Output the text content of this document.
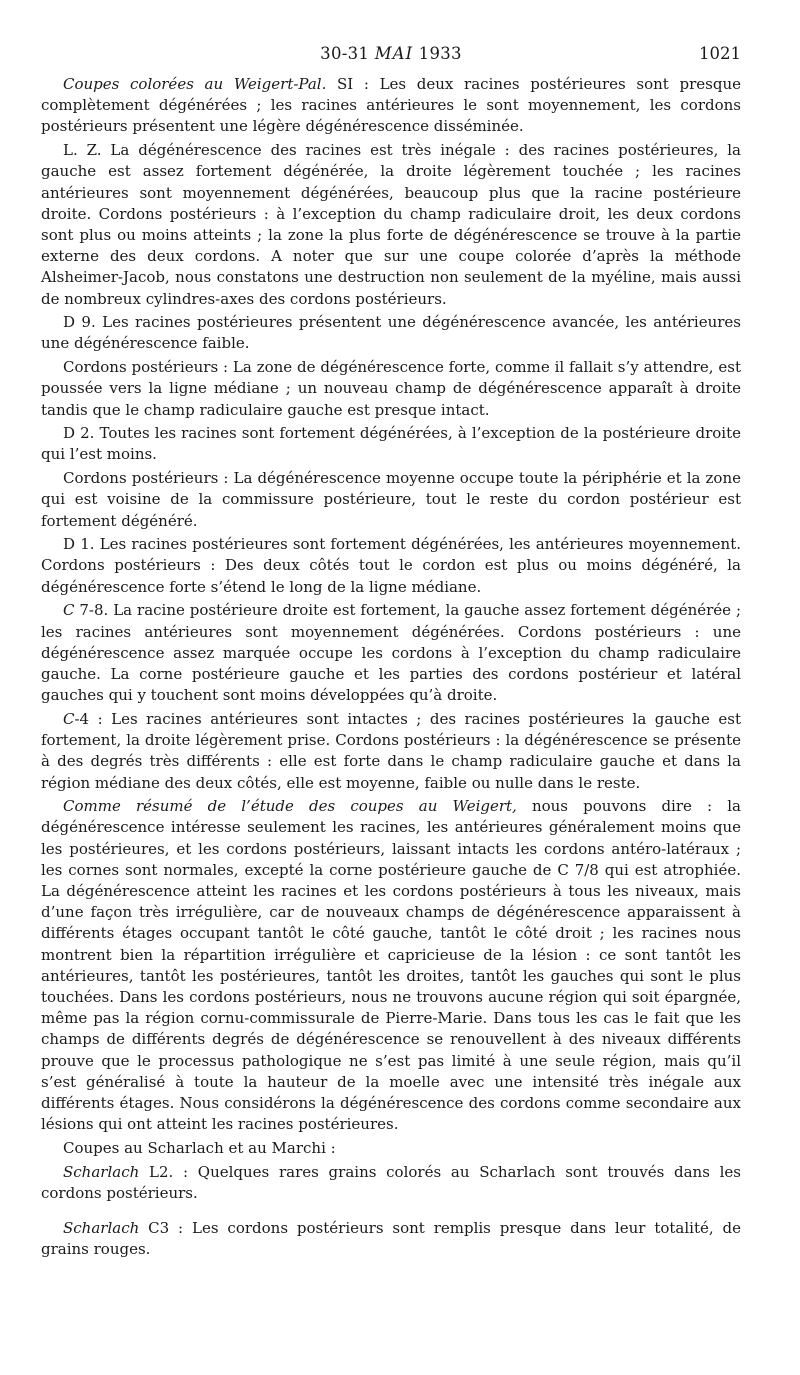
30-31 MAI 1933	1021

Coupes colorées au Weigert-Pal. SI : Les deux racines postérieures sont presque complètement dégénérées ; les racines antérieures le sont moyennement, les cordons postérieurs présentent une légère dégénérescence disséminée.

L. Z. La dégénérescence des racines est très inégale : des racines postérieures, la gauche est assez fortement dégénérée, la droite légèrement touchée ; les racines antérieures sont moyennement dégénérées, beaucoup plus que la racine postérieure droite. Cordons postérieurs : à l’exception du champ radiculaire droit, les deux cordons sont plus ou moins atteints ; la zone la plus forte de dégénérescence se trouve à la partie externe des deux cordons. A noter que sur une coupe colorée d’après la méthode Alsheimer-Jacob, nous constatons une destruction non seulement de la myéline, mais aussi de nombreux cylindres-axes des cordons postérieurs.

D 9. Les racines postérieures présentent une dégénérescence avancée, les antérieures une dégénérescence faible.

Cordons postérieurs : La zone de dégénérescence forte, comme il fallait s’y attendre, est poussée vers la ligne médiane ; un nouveau champ de dégénérescence apparaît à droite tandis que le champ radiculaire gauche est presque intact.

D 2. Toutes les racines sont fortement dégénérées, à l’exception de la postérieure droite qui l’est moins.

Cordons postérieurs : La dégénérescence moyenne occupe toute la périphérie et la zone qui est voisine de la commissure postérieure, tout le reste du cordon postérieur est fortement dégénéré.

D 1. Les racines postérieures sont fortement dégénérées, les antérieures moyennement. Cordons postérieurs : Des deux côtés tout le cordon est plus ou moins dégénéré, la dégénérescence forte s’étend le long de la ligne médiane.

C 7-8. La racine postérieure droite est fortement, la gauche assez fortement dégénérée ; les racines antérieures sont moyennement dégénérées. Cordons postérieurs : une dégénérescence assez marquée occupe les cordons à l’exception du champ radiculaire gauche. La corne postérieure gauche et les parties des cordons postérieur et latéral gauches qui y touchent sont moins développées qu’à droite.

C-4 : Les racines antérieures sont intactes ; des racines postérieures la gauche est fortement, la droite légèrement prise. Cordons postérieurs : la dégénérescence se présente à des degrés très différents : elle est forte dans le champ radiculaire gauche et dans la région médiane des deux côtés, elle est moyenne, faible ou nulle dans le reste.

Comme résumé de l’étude des coupes au Weigert, nous pouvons dire : la dégénérescence intéresse seulement les racines, les antérieures généralement moins que les postérieures, et les cordons postérieurs, laissant intacts les cordons antéro-latéraux ; les cornes sont normales, excepté la corne postérieure gauche de C 7/8 qui est atrophiée. La dégénérescence atteint les racines et les cordons postérieurs à tous les niveaux, mais d’une façon très irrégulière, car de nouveaux champs de dégénérescence apparaissent à différents étages occupant tantôt le côté gauche, tantôt le côté droit ; les racines nous montrent bien la répartition irrégulière et capricieuse de la lésion : ce sont tantôt les antérieures, tantôt les postérieures, tantôt les droites, tantôt les gauches qui sont le plus touchées. Dans les cordons postérieurs, nous ne trouvons aucune région qui soit épargnée, même pas la région cornu-commissurale de Pierre-Marie. Dans tous les cas le fait que les champs de différents degrés de dégénérescence se renouvellent à des niveaux différents prouve que le processus pathologique ne s’est pas limité à une seule région, mais qu’il s’est généralisé à toute la hauteur de la moelle avec une intensité très inégale aux différents étages. Nous considérons la dégénérescence des cordons comme secondaire aux lésions qui ont atteint les racines postérieures.

Coupes au Scharlach et au Marchi :

Scharlach L2. : Quelques rares grains colorés au Scharlach sont trouvés dans les cordons postérieurs.

Scharlach C3 : Les cordons postérieurs sont remplis presque dans leur totalité, de grains rouges.
